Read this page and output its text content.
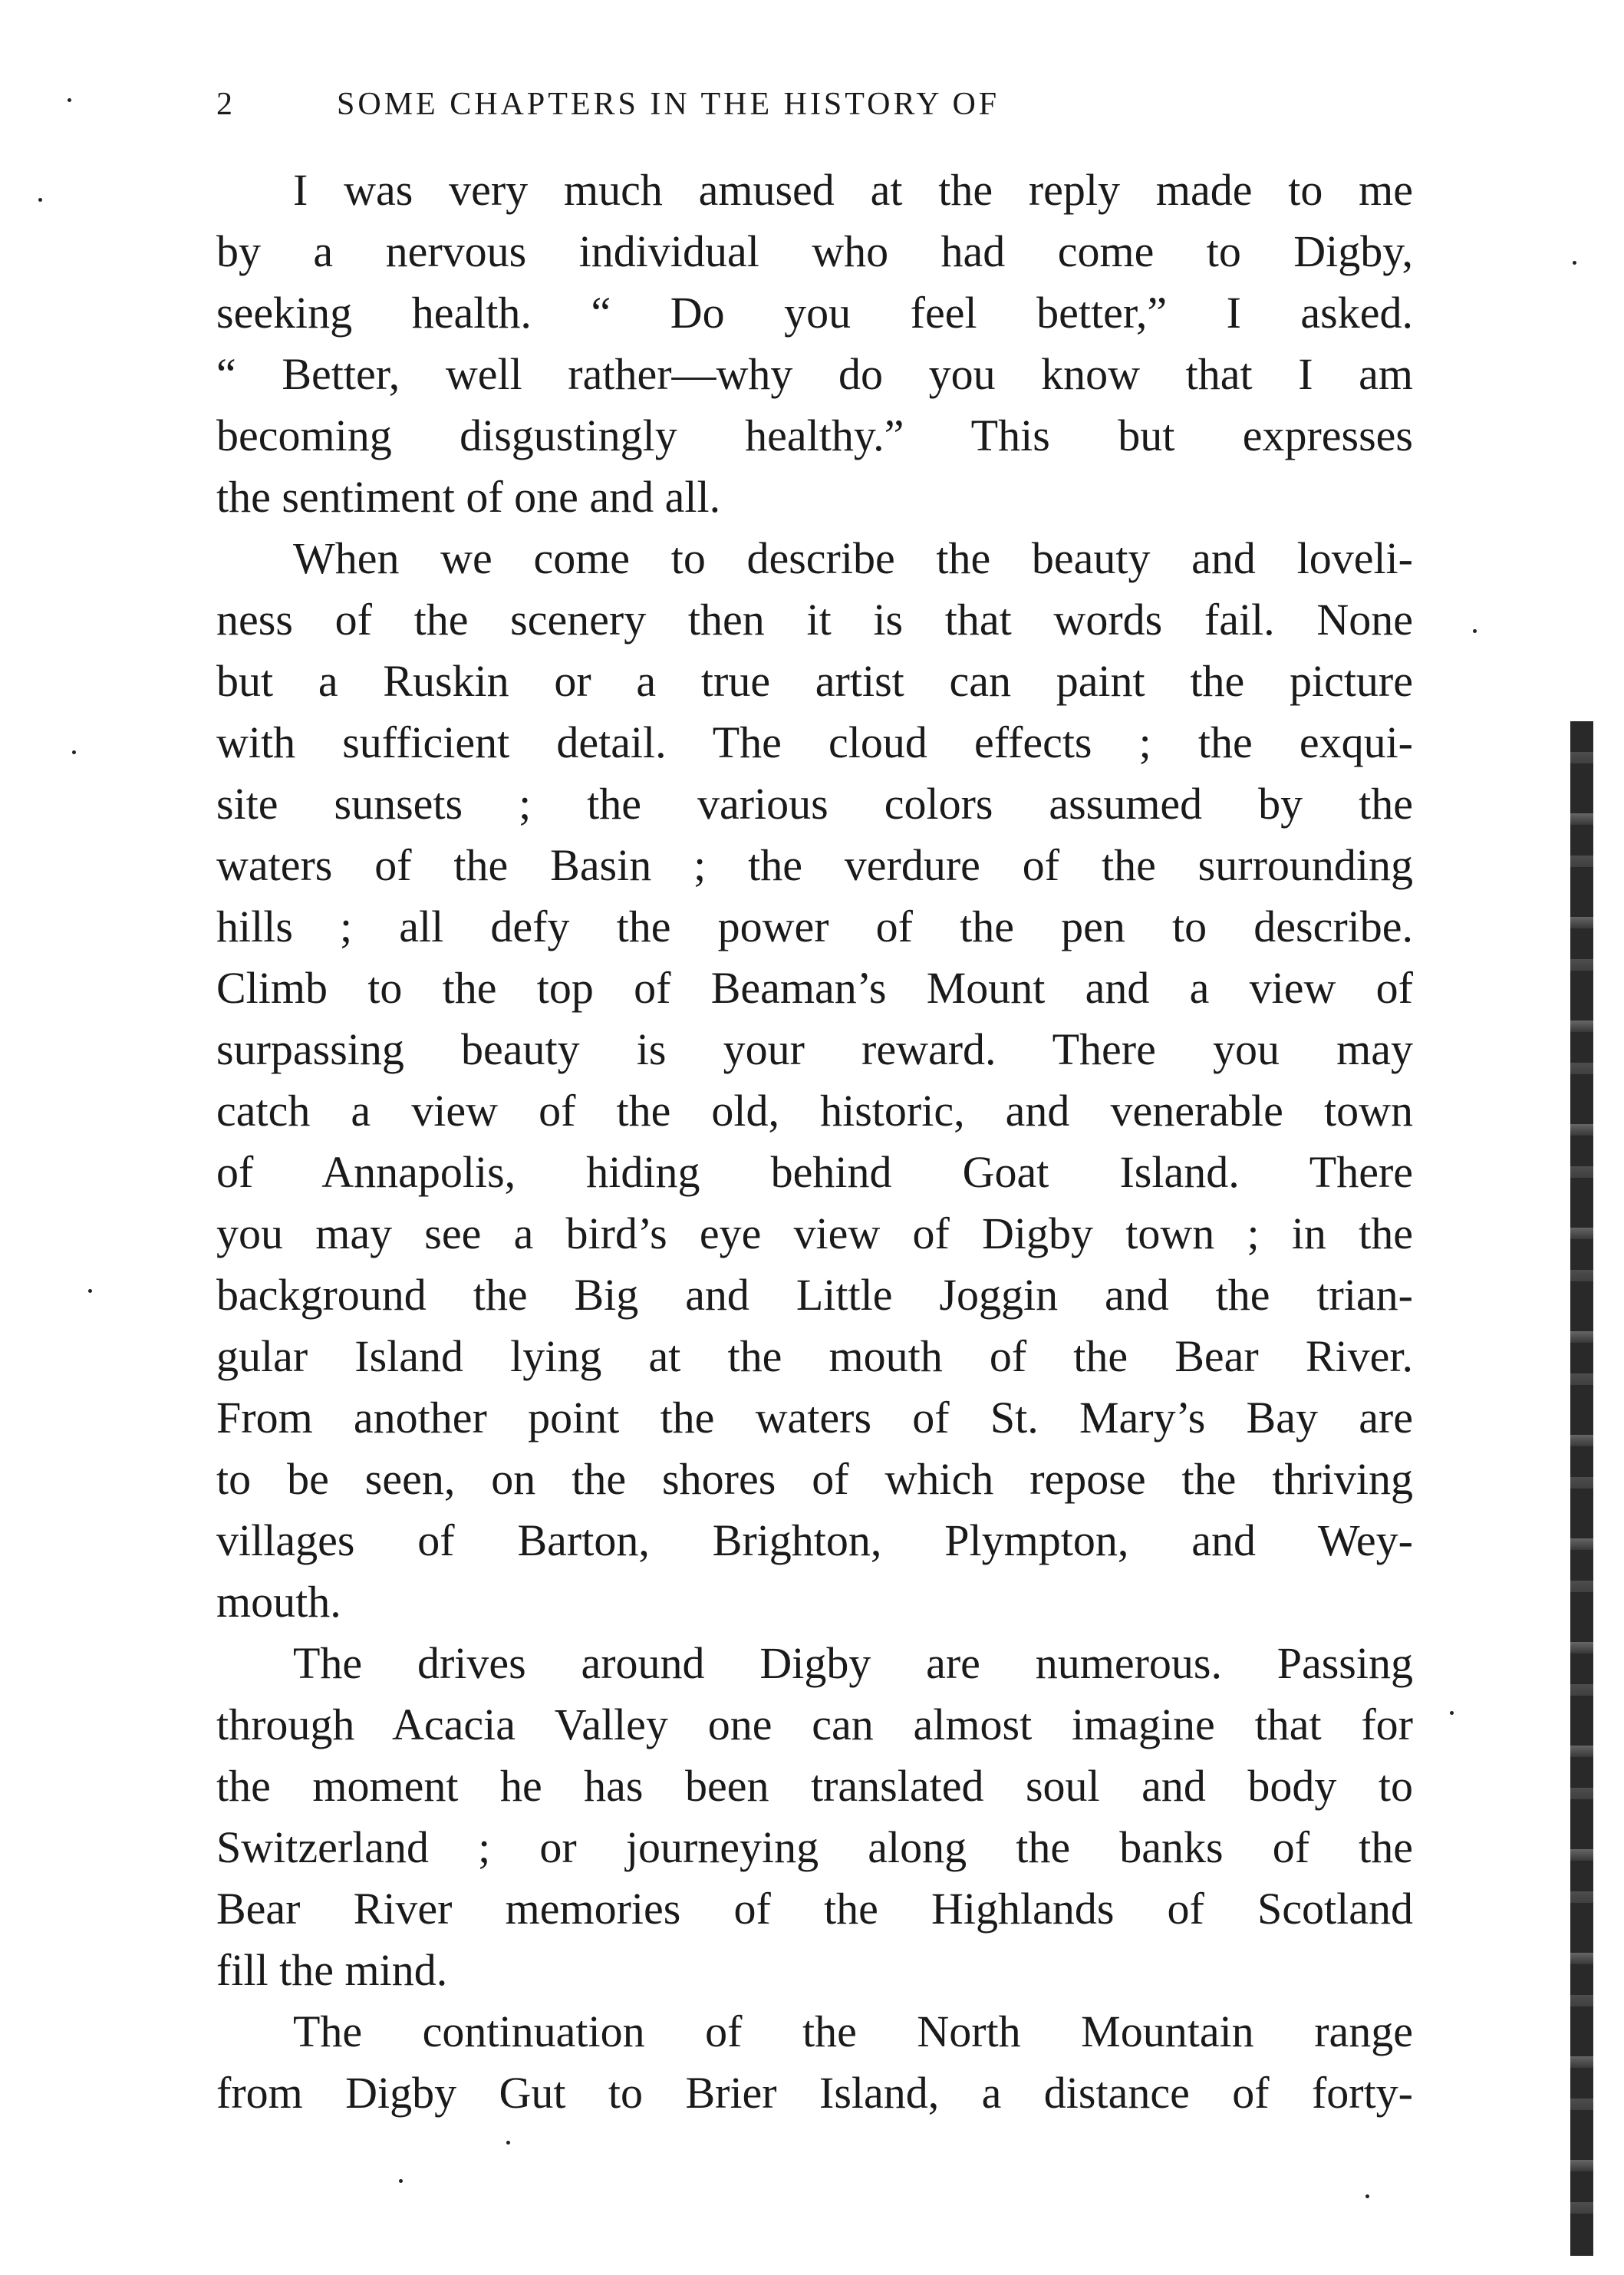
2	SOME CHAPTERS IN THE HISTORY OF
I was very much amused at the reply made to me
by a nervous individual who had come to Digby,
seeking health. “ Do you feel better,” I asked.
“ Better, well rather—why do you know that I am
becoming disgustingly healthy.” This but expresses
the sentiment of one and all.
When we come to describe the beauty and loveli-
ness of the scenery then it is that words fail. None
but a Ruskin or a true artist can paint the picture
with sufficient detail. The cloud effects ; the exqui-
site sunsets ; the various colors assumed by the
waters of the Basin ; the verdure of the surrounding
hills ; all defy the power of the pen to describe.
Climb to the top of Beaman’s Mount and a view of
surpassing beauty is your reward. There you may
catch a view of the old, historic, and venerable town
of Annapolis, hiding behind Goat Island. There
you may see a bird’s eye view of Digby town ; in the
background the Big and Little Joggin and the trian-
gular Island lying at the mouth of the Bear River.
From another point the waters of St. Mary’s Bay are
to be seen, on the shores of which repose the thriving
villages of Barton, Brighton, Plympton, and Wey-
mouth.
The drives around Digby are numerous. Passing
through Acacia Valley one can almost imagine that for
the moment he has been translated soul and body to
Switzerland ; or journeying along the banks of the
Bear River memories of the Highlands of Scotland
fill the mind.
The continuation of the North Mountain range
from Digby Gut to Brier Island, a distance of forty-
